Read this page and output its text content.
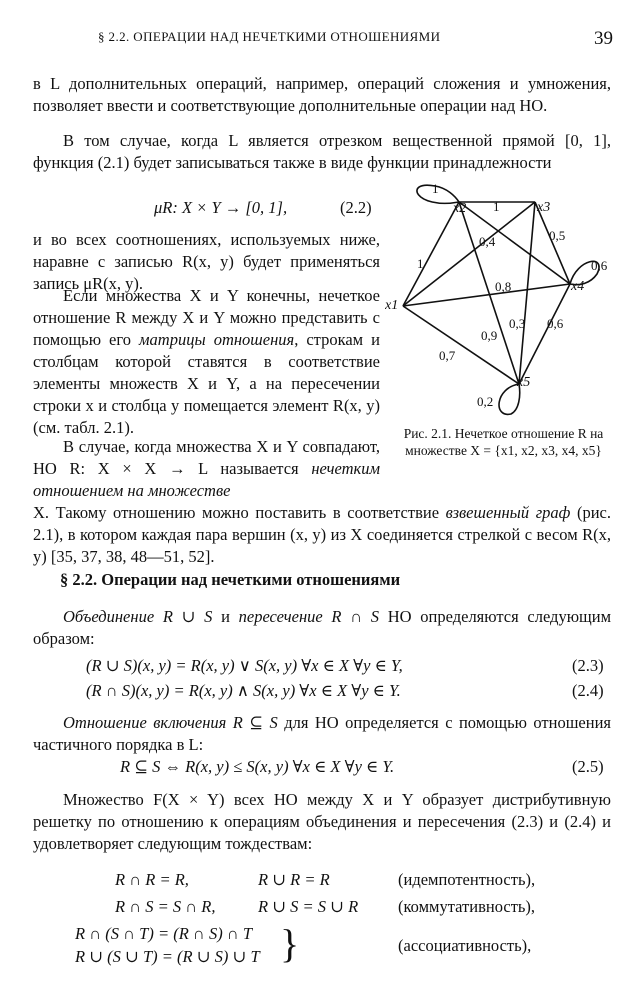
§ 2.2. ОПЕРАЦИИ НАД НЕЧЕТКИМИ ОТНОШЕНИЯМИ	39
в L дополнительных операций, например, операций сложения и умножения, позволяет ввести и соответствующие дополнительные операции над НО.
В том случае, когда L является отрезком вещественной прямой [0, 1], функция (2.1) будет записываться также в виде функции принадлежности
μR: X × Y → [0, 1],	(2.2)
и во всех соотношениях, используемых ниже, наравне с записью R(x, y) будет применяться запись μR(x, y).
Если множества X и Y конечны, нечеткое отношение R между X и Y можно представить с помощью его матрицы отношения, строкам и столбцам которой ставятся в соответствие элементы множеств X и Y, а на пересечении строки x и столбца y помещается элемент R(x, y) (см. табл. 2.1).
В случае, когда множества X и Y совпадают, НО R: X × X → L называется нечетким отношением на множестве
X. Такому отношению можно поставить в соответствие взвешенный граф (рис. 2.1), в котором каждая пара вершин (x, y) из X соединяется стрелкой с весом R(x, y) [35, 37, 38, 48—51, 52].
x2	x3
x1
x4
x5
1
1
0,4	0,5
1	0,6
0,8
0,3 0,6
0,9
0,7
0,2
Рис. 2.1. Нечеткое отношение R на множестве X = {x1, x2, x3, x4, x5}
§ 2.2. Операции над нечеткими отношениями
Объединение R ∪ S и пересечение R ∩ S НО определяются следующим образом:
(R ∪ S)(x, y) = R(x, y) ∨ S(x, y) ∀x ∈ X ∀y ∈ Y,	(2.3)
(R ∩ S)(x, y) = R(x, y) ∧ S(x, y) ∀x ∈ X ∀y ∈ Y.	(2.4)
Отношение включения R ⊆ S для НО определяется с помощью отношения частичного порядка в L:
R ⊆ S ⇔ R(x, y) ≤ S(x, y) ∀x ∈ X ∀y ∈ Y.	(2.5)
Множество F(X × Y) всех НО между X и Y образует дистрибутивную решетку по отношению к операциям объединения и пересечения (2.3) и (2.4) и удовлетворяет следующим тождествам:
R ∩ R = R,	R ∪ R = R	(идемпотентность),
R ∩ S = S ∩ R,	R ∪ S = S ∪ R (коммутативность),
R ∩ (S ∩ T) = (R ∩ S) ∩ T
R ∪ (S ∪ T) = (R ∪ S) ∪ T }	(ассоциативность),
